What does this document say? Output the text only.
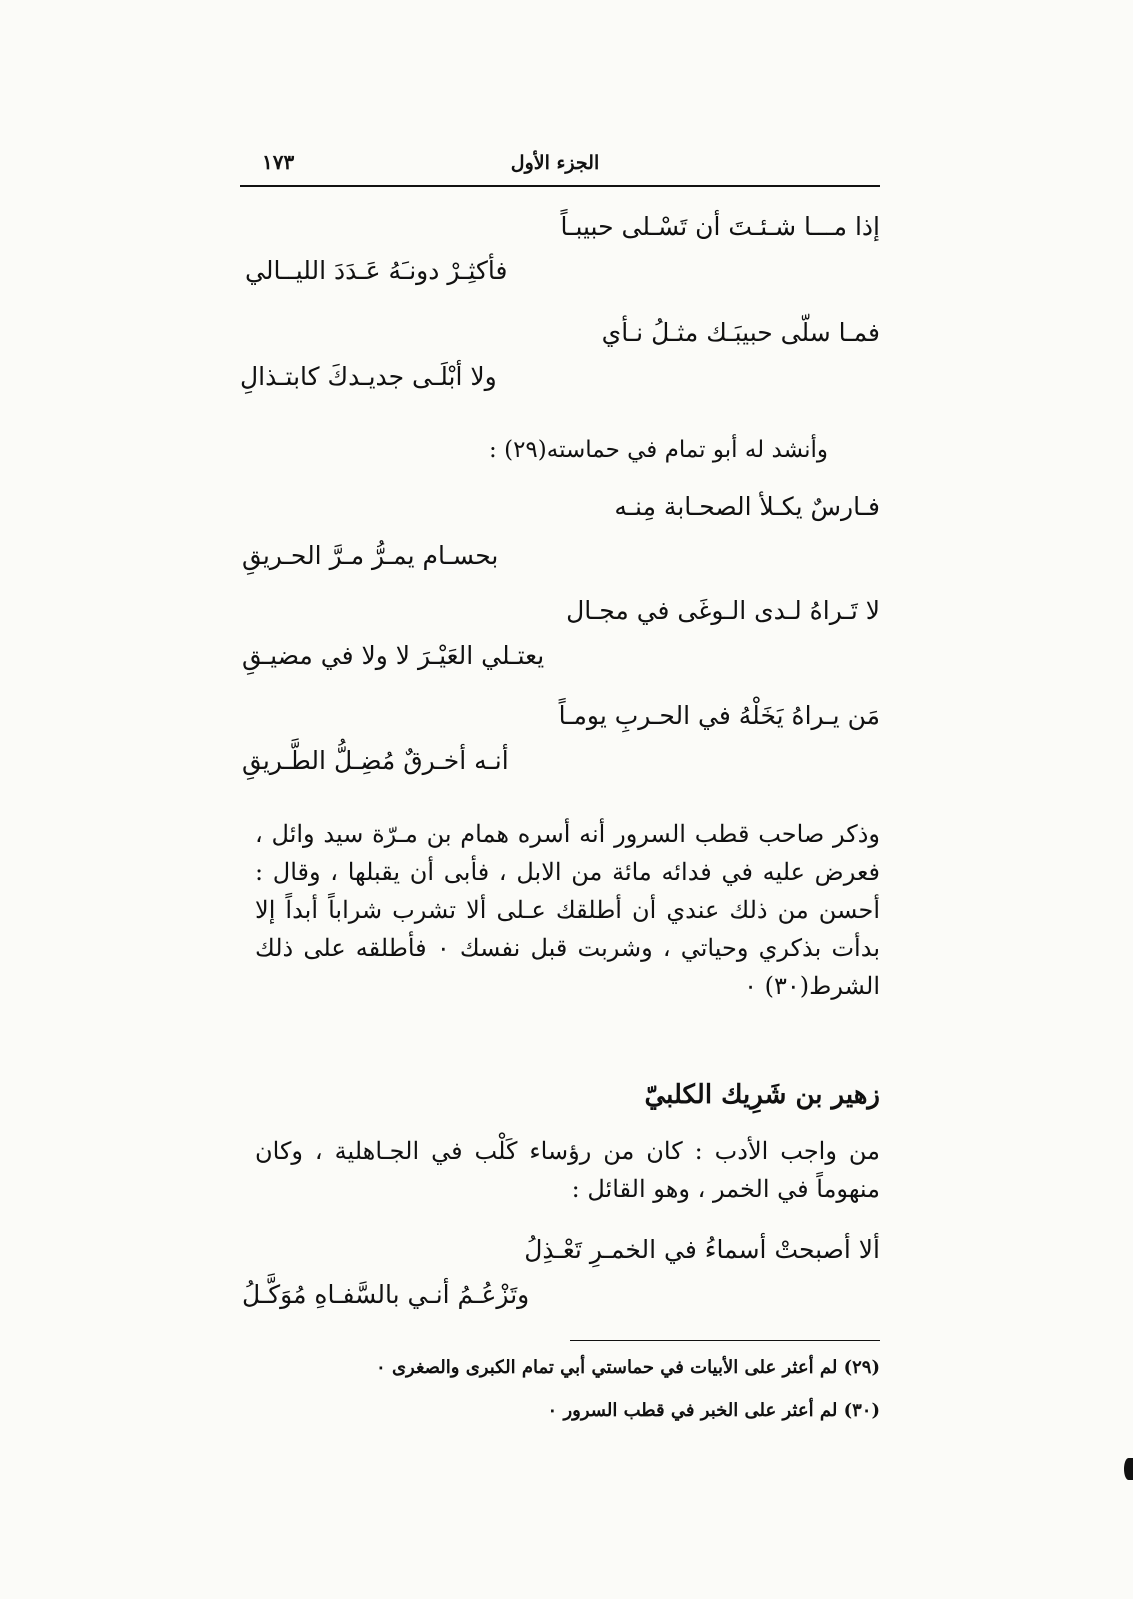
الجزء الأول
١٧٣
إذا مـــا شـئـتَ أن تَسْـلى حبيبـاً
فأكثِـرْ دونـَهُ عَـدَدَ الليــالي
فمـا سلّى حبيبَـك مثـلُ نـأي
ولا أبْلَـى جديـدكَ كابتـذالِ
وأنشد له أبو تمام في حماسته(٢٩) :
فـارسٌ يكـلأ الصحـابة مِنـه
بحسـام يمـرُّ مـرَّ الحـريقِ
لا تَـراهُ لـدى الـوغَى في مجـال
يعتـلي العَيْـرَ لا ولا في مضيـقِ
مَن يـراهُ يَخَلْهُ في الحـربِ يومـاً
أنـه أخـرقٌ مُضِـلُّ الطَّـريقِ
وذكر صاحب قطب السرور أنه أسره همام بن مـرّة سيد وائل ، فعرض عليه في فدائه مائة من الابل ، فأبى أن يقبلها ، وقال : أحسن من ذلك عندي أن أطلقك عـلى ألا تشرب شراباً أبداً إلا بدأت بذكري وحياتي ، وشربت قبل نفسك ٠ فأطلقه على ذلك الشرط(٣٠) ٠
زهير بن شَرِيك الكلبيّ
من واجب الأدب : كان من رؤساء كَلْب في الجـاهلية ، وكان منهوماً في الخمر ، وهو القائل :
ألا أصبحتْ أسماءُ في الخمـرِ تَعْـذِلُ
وتَزْعُـمُ أنـي بالسَّفـاهِ مُوَكَّـلُ
(٢٩) لم أعثر على الأبيات في حماستي أبي تمام الكبرى والصغرى ٠
(٣٠) لم أعثر على الخبر في قطب السرور ٠
